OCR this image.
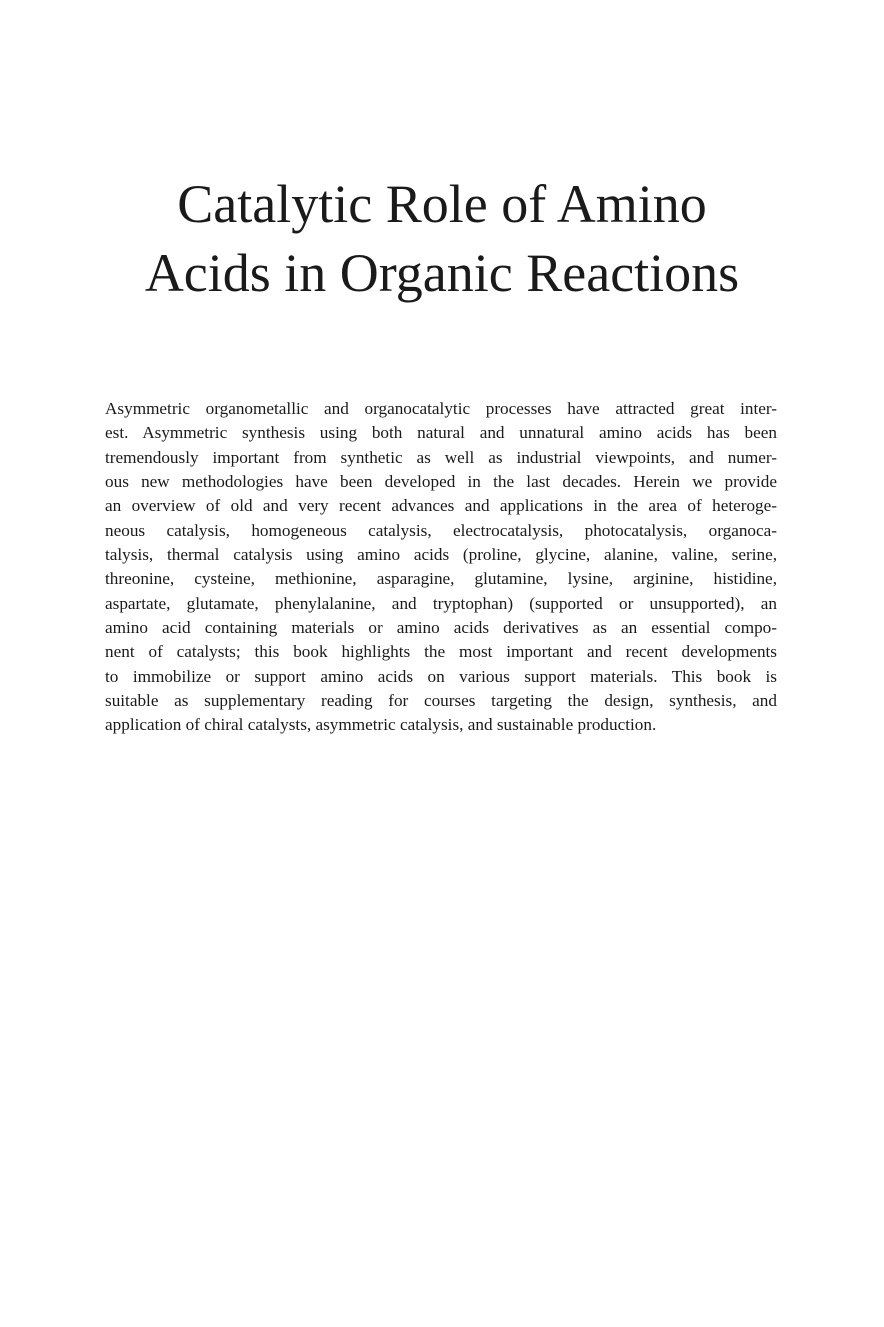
Catalytic Role of Amino
Acids in Organic Reactions
Asymmetric organometallic and organocatalytic processes have attracted great inter-
est. Asymmetric synthesis using both natural and unnatural amino acids has been
tremendously important from synthetic as well as industrial viewpoints, and numer-
ous new methodologies have been developed in the last decades. Herein we provide
an overview of old and very recent advances and applications in the area of heteroge-
neous catalysis, homogeneous catalysis, electrocatalysis, photocatalysis, organoca-
talysis, thermal catalysis using amino acids (proline, glycine, alanine, valine, serine,
threonine, cysteine, methionine, asparagine, glutamine, lysine, arginine, histidine,
aspartate, glutamate, phenylalanine, and tryptophan) (supported or unsupported), an
amino acid containing materials or amino acids derivatives as an essential compo-
nent of catalysts; this book highlights the most important and recent developments
to immobilize or support amino acids on various support materials. This book is
suitable as supplementary reading for courses targeting the design, synthesis, and
application of chiral catalysts, asymmetric catalysis, and sustainable production.
